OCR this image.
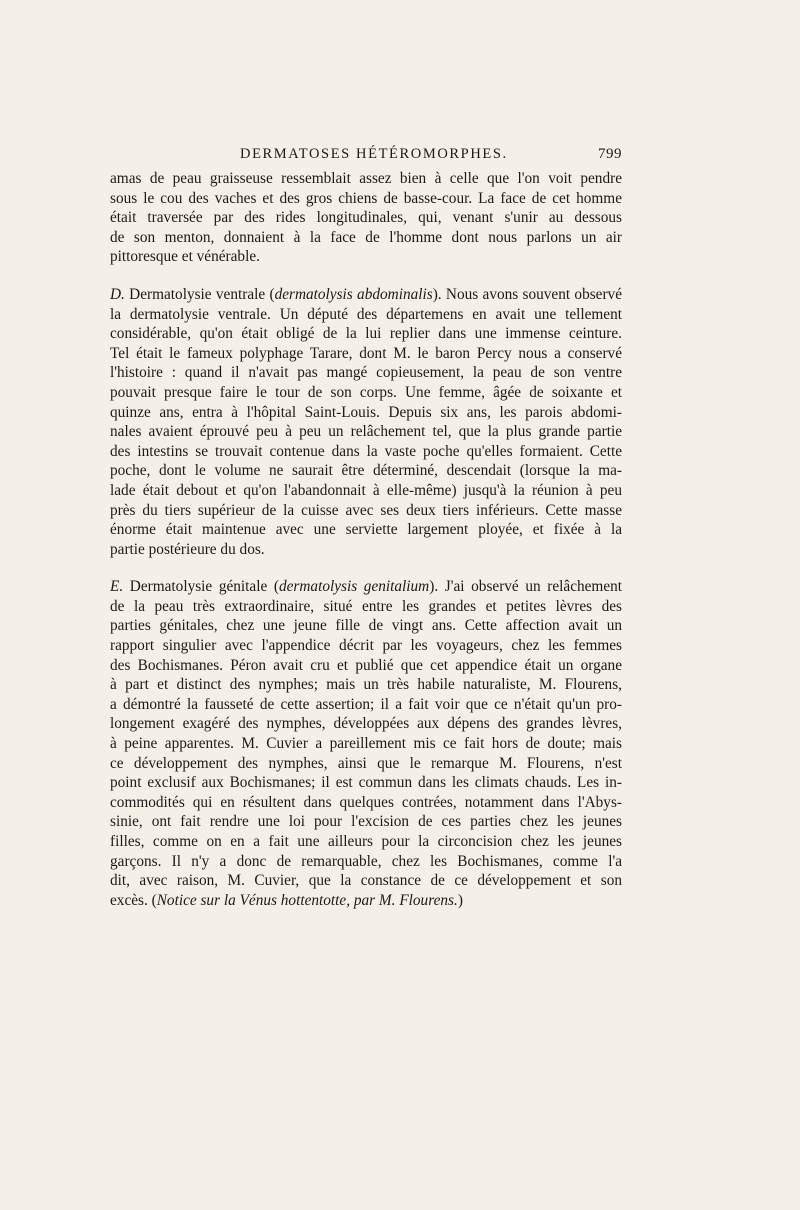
DERMATOSES HÉTÉROMORPHES.	799
amas de peau graisseuse ressemblait assez bien à celle que l'on voit pendre
sous le cou des vaches et des gros chiens de basse-cour. La face de cet homme
était traversée par des rides longitudinales, qui, venant s'unir au dessous
de son menton, donnaient à la face de l'homme dont nous parlons un air
pittoresque et vénérable.
D. Dermatolysie ventrale (dermatolysis abdominalis). Nous avons souvent observé
la dermatolysie ventrale. Un député des départemens en avait une tellement
considérable, qu'on était obligé de la lui replier dans une immense ceinture.
Tel était le fameux polyphage Tarare, dont M. le baron Percy nous a conservé
l'histoire : quand il n'avait pas mangé copieusement, la peau de son ventre
pouvait presque faire le tour de son corps. Une femme, âgée de soixante et
quinze ans, entra à l'hôpital Saint-Louis. Depuis six ans, les parois abdomi-
nales avaient éprouvé peu à peu un relâchement tel, que la plus grande partie
des intestins se trouvait contenue dans la vaste poche qu'elles formaient. Cette
poche, dont le volume ne saurait être déterminé, descendait (lorsque la ma-
lade était debout et qu'on l'abandonnait à elle-même) jusqu'à la réunion à peu
près du tiers supérieur de la cuisse avec ses deux tiers inférieurs. Cette masse
énorme était maintenue avec une serviette largement ployée, et fixée à la
partie postérieure du dos.
E. Dermatolysie génitale (dermatolysis genitalium). J'ai observé un relâchement
de la peau très extraordinaire, situé entre les grandes et petites lèvres des
parties génitales, chez une jeune fille de vingt ans. Cette affection avait un
rapport singulier avec l'appendice décrit par les voyageurs, chez les femmes
des Bochismanes. Péron avait cru et publié que cet appendice était un organe
à part et distinct des nymphes; mais un très habile naturaliste, M. Flourens,
a démontré la fausseté de cette assertion; il a fait voir que ce n'était qu'un pro-
longement exagéré des nymphes, développées aux dépens des grandes lèvres,
à peine apparentes. M. Cuvier a pareillement mis ce fait hors de doute; mais
ce développement des nymphes, ainsi que le remarque M. Flourens, n'est
point exclusif aux Bochismanes; il est commun dans les climats chauds. Les in-
commodités qui en résultent dans quelques contrées, notamment dans l'Abys-
sinie, ont fait rendre une loi pour l'excision de ces parties chez les jeunes
filles, comme on en a fait une ailleurs pour la circoncision chez les jeunes
garçons. Il n'y a donc de remarquable, chez les Bochismanes, comme l'a
dit, avec raison, M. Cuvier, que la constance de ce développement et son
excès. (Notice sur la Vénus hottentotte, par M. Flourens.)
